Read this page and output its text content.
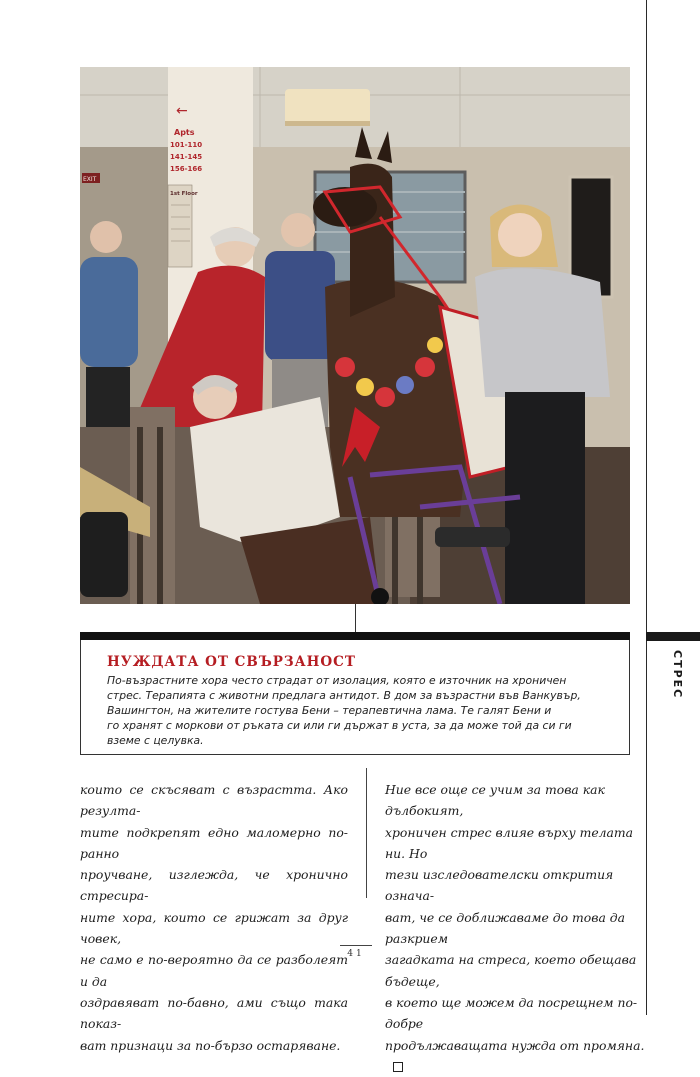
СТРЕС
←
Apts
101-110
141-145
156-166
1st Floor
EXIT
НУЖДАТА ОТ СВЪРЗАНОСТ

По-възрастните хора често страдат от изолация, която е източник на хроничен
стрес. Терапията с животни предлага антидот. В дом за възрастни във Ванкувър,
Вашингтон, на жителите гостува Бени – терапевтична лама. Те галят Бени и
го хранят с моркови от ръката си или ги държат в уста, за да може той да си ги
вземе с целувка.

които се скъсяват с възрастта. Ако резулта-
тите подкрепят едно маломерно по-ранно
проучване, изглежда, че хронично стресира-
ните хора, които се грижат за друг човек,
не само е по-вероятно да се разболеят и да
оздравяват по-бавно, ами също така показ-
ват признаци за по-бързо остаряване.

Ние все още се учим за това как дълбокият,
хроничен стрес влияе върху телата ни. Но
тези изследователски открития означа-
ват, че се доближаваме до това да разкрием
загадката на стреса, което обещава бъдеще,
в което ще можем да посрещнем по-добре
продължаващата нужда от промяна.

41
